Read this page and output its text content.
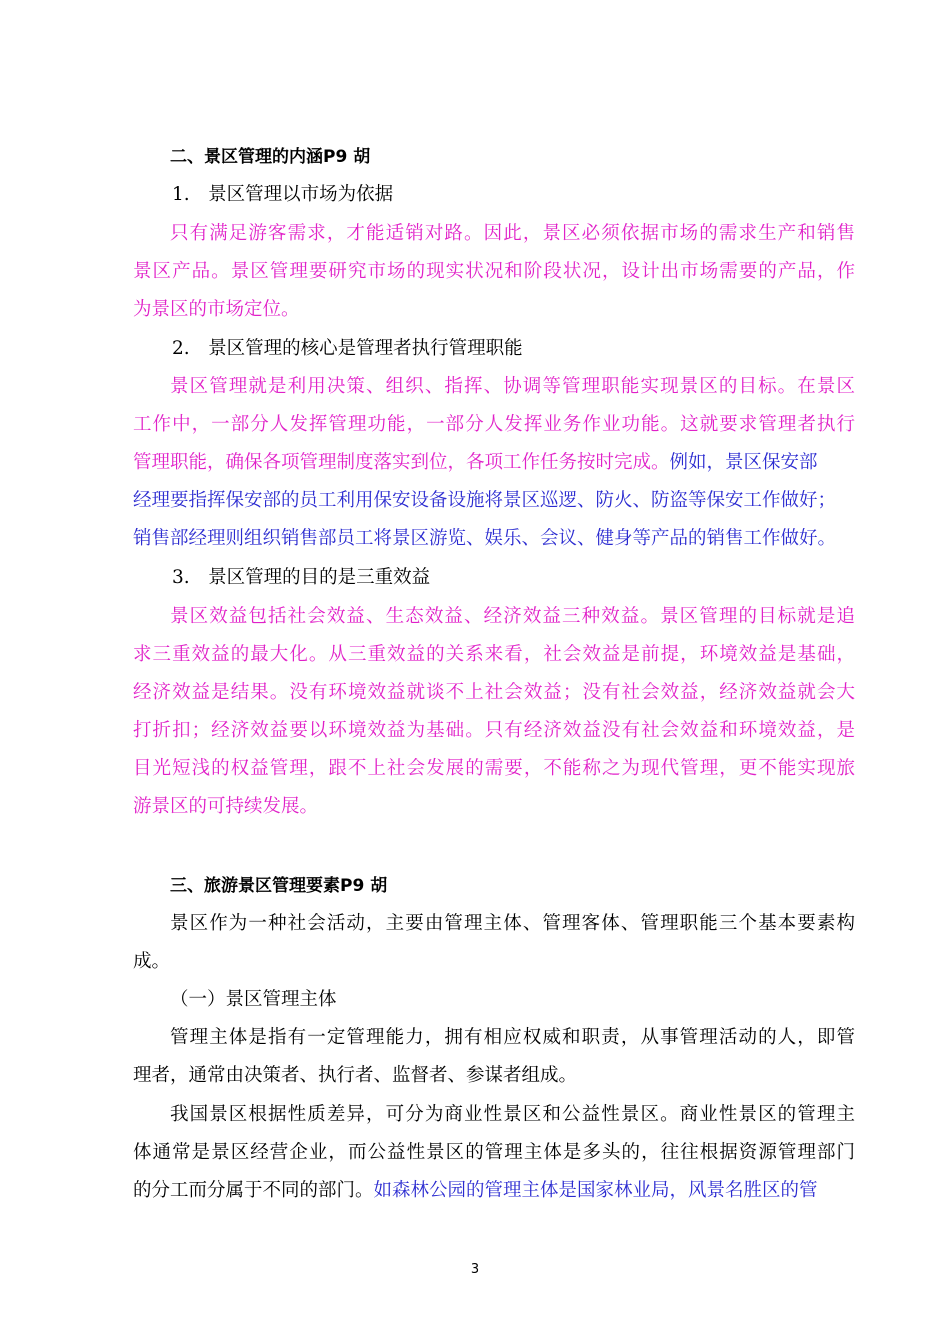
二、景区管理的内涵P9 胡
1.　景区管理以市场为依据
只有满足游客需求，才能适销对路。因此，景区必须依据市场的需求生产和销售
景区产品。景区管理要研究市场的现实状况和阶段状况，设计出市场需要的产品，作
为景区的市场定位。
2.　景区管理的核心是管理者执行管理职能
景区管理就是利用决策、组织、指挥、协调等管理职能实现景区的目标。在景区
工作中，一部分人发挥管理功能，一部分人发挥业务作业功能。这就要求管理者执行
管理职能，确保各项管理制度落实到位，各项工作任务按时完成。例如，景区保安部
经理要指挥保安部的员工利用保安设备设施将景区巡逻、防火、防盗等保安工作做好；
销售部经理则组织销售部员工将景区游览、娱乐、会议、健身等产品的销售工作做好。
3.　景区管理的目的是三重效益
景区效益包括社会效益、生态效益、经济效益三种效益。景区管理的目标就是追
求三重效益的最大化。从三重效益的关系来看，社会效益是前提，环境效益是基础，
经济效益是结果。没有环境效益就谈不上社会效益；没有社会效益，经济效益就会大
打折扣；经济效益要以环境效益为基础。只有经济效益没有社会效益和环境效益，是
目光短浅的权益管理，跟不上社会发展的需要，不能称之为现代管理，更不能实现旅
游景区的可持续发展。
三、旅游景区管理要素P9 胡
景区作为一种社会活动，主要由管理主体、管理客体、管理职能三个基本要素构
成。
（一）景区管理主体
管理主体是指有一定管理能力，拥有相应权威和职责，从事管理活动的人，即管
理者，通常由决策者、执行者、监督者、参谋者组成。
我国景区根据性质差异，可分为商业性景区和公益性景区。商业性景区的管理主
体通常是景区经营企业，而公益性景区的管理主体是多头的，往往根据资源管理部门
的分工而分属于不同的部门。如森林公园的管理主体是国家林业局，风景名胜区的管
3
